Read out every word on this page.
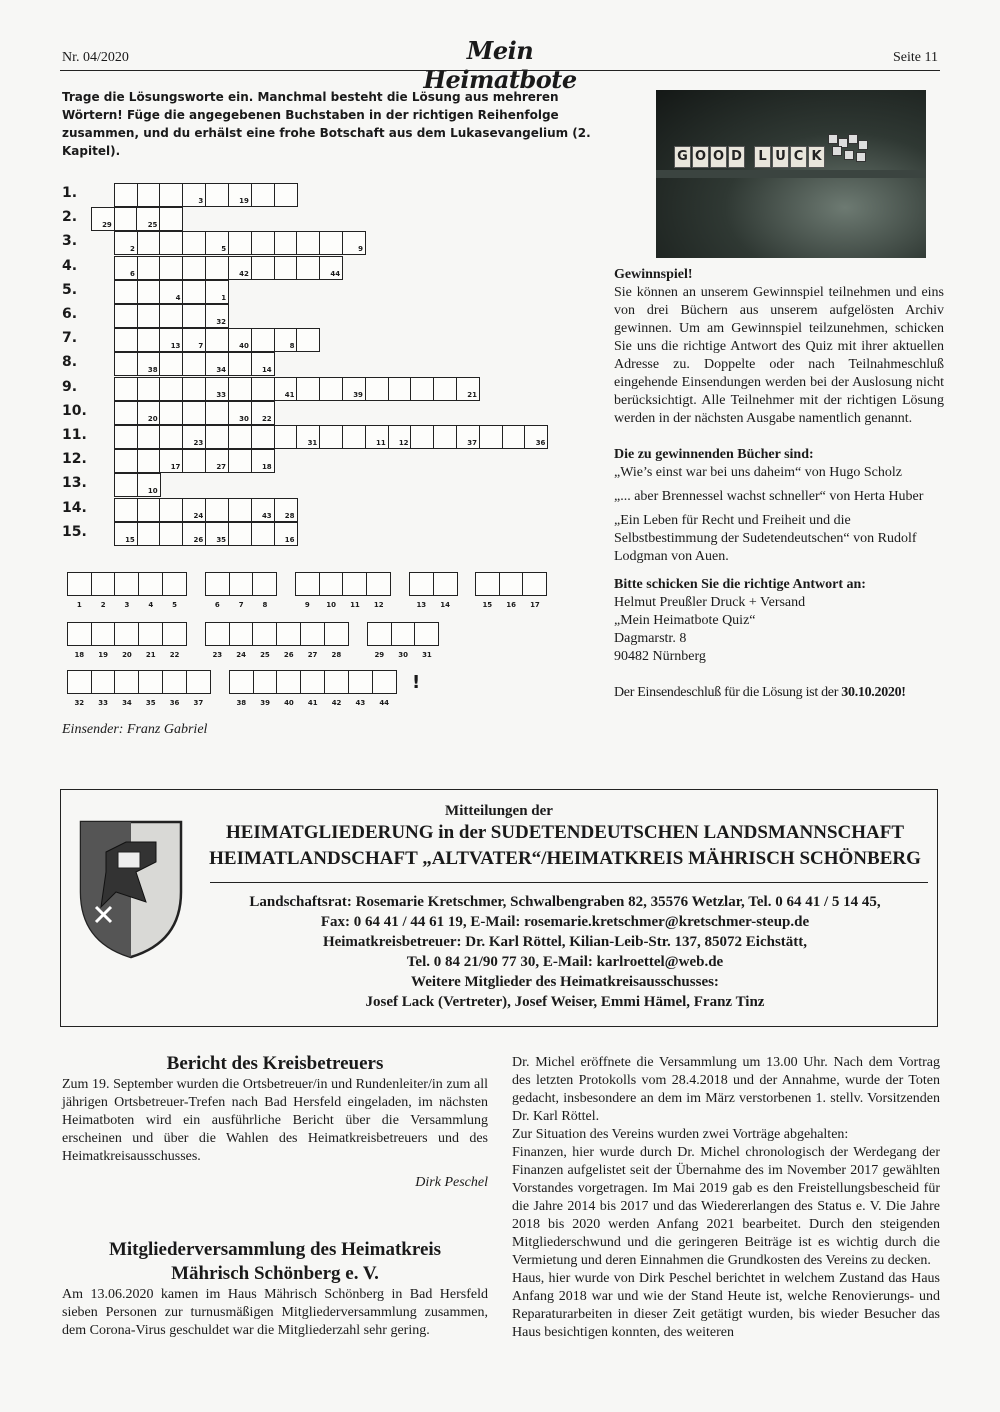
Nr. 04/2020	Mein Heimatbote
Seite 11
Trage die Lösungsworte ein. Manchmal besteht die Lösung aus mehreren Wörtern! Füge die angegebenen Buchstaben in der richtigen Reihenfolge zusammen, und du erhälst eine frohe Botschaft aus dem Lukasevangelium (2. Kapitel).
1.	3	19
2.	29	25
3.	2	5	9
4.	6	42	44
5.	4	1
6.	32
7.	13	7	40	8
8.	38	34	14
9.	33	41	39	21
10.	20	30 22
11.	23	31	11 12	37	36
12.	17	27	18
13.	10
14.	24	43 28
15.	15	26 35	16
1	2	3	4	5	6	7	8	9	10	11	12	13	14	15	16	17
18	19	20	21	22	23	24	25	26	27	28	29	30	31
32	33	34	35	36	37	38	39	40	41	42	43	44
!
Einsender: Franz Gabriel
G O O D	L U C K

Gewinnspiel!

Sie können an unserem Gewinnspiel teilnehmen und eins von drei Büchern aus unserem aufgelösten Archiv gewinnen. Um am Gewinnspiel teilzunehmen, schicken Sie uns die richtige Antwort des Quiz mit ihrer aktuellen Adresse zu. Doppelte oder nach Teilnahmeschluß eingehende Einsendungen werden bei der Auslosung nicht berücksichtigt. Alle Teilnehmer mit der richtigen Lösung werden in der nächsten Ausgabe namentlich genannt.

Die zu gewinnenden Bücher sind:

„Wie’s einst war bei uns daheim“ von Hugo Scholz

„... aber Brennessel wachst schneller“ von Herta Huber

„Ein Leben für Recht und Freiheit und die Selbstbestimmung der Sudetendeutschen“ von Rudolf Lodgman von Auen.

Bitte schicken Sie die richtige Antwort an:

Helmut Preußler Druck + Versand

„Mein Heimatbote Quiz“

Dagmarstr. 8

90482 Nürnberg

Der Einsendeschluß für die Lösung ist der 30.10.2020!

Mitteilungen der
HEIMATGLIEDERUNG in der SUDETENDEUTSCHEN LANDSMANNSCHAFT
HEIMATLANDSCHAFT „ALTVATER“/HEIMATKREIS MÄHRISCH SCHÖNBERG
Landschaftsrat: Rosemarie Kretschmer, Schwalbengraben 82, 35576 Wetzlar, Tel. 0 64 41 / 5 14 45,
Fax: 0 64 41 / 44 61 19, E-Mail: rosemarie.kretschmer@kretschmer-steup.de
Heimatkreisbetreuer: Dr. Karl Röttel, Kilian-Leib-Str. 137, 85072 Eichstätt,
Tel. 0 84 21/90 77 30, E-Mail: karlroettel@web.de
Weitere Mitglieder des Heimatkreisausschusses:
Josef Lack (Vertreter), Josef Weiser, Emmi Hämel, Franz Tinz
Bericht des Kreisbetreuers

Zum 19. September wurden die Ortsbetreuer/in und Rundenleiter/in zum all jährigen Ortsbetreuer-Trefen nach Bad Hersfeld eingeladen, im nächsten Heimatboten wird ein ausführliche Bericht über die Versammlung erscheinen und über die Wahlen des Heimatkreisbetreuers und des Heimatkreisausschusses.

Dirk Peschel

Mitgliederversammlung des Heimatkreis
Mährisch Schönberg e. V.

Am 13.06.2020 kamen im Haus Mährisch Schönberg in Bad Hersfeld sieben Personen zur turnusmäßigen Mitgliederversammlung zusammen, dem Corona-Virus geschuldet war die Mitgliederzahl sehr gering.

Dr. Michel eröffnete die Versammlung um 13.00 Uhr. Nach dem Vortrag des letzten Protokolls vom 28.4.2018 und der Annahme, wurde der Toten gedacht, insbesondere an dem im März verstorbenen 1. stellv. Vorsitzenden Dr. Karl Röttel.

Zur Situation des Vereins wurden zwei Vorträge abgehalten:

Finanzen, hier wurde durch Dr. Michel chronologisch der Werdegang der Finanzen aufgelistet seit der Übernahme des im November 2017 gewählten Vorstandes vorgetragen. Im Mai 2019 gab es den Freistellungsbescheid für die Jahre 2014 bis 2017 und das Wiedererlangen des Status e. V. Die Jahre 2018 bis 2020 werden Anfang 2021 bearbeitet. Durch den steigenden Mitgliederschwund und die geringeren Beiträge ist es wichtig durch die Vermietung und deren Einnahmen die Grundkosten des Vereins zu decken.

Haus, hier wurde von Dirk Peschel berichtet in welchem Zustand das Haus Anfang 2018 war und wie der Stand Heute ist, welche Renovierungs- und Reparaturarbeiten in dieser Zeit getätigt wurden, bis wieder Besucher das Haus besichtigen konnten, des weiteren
